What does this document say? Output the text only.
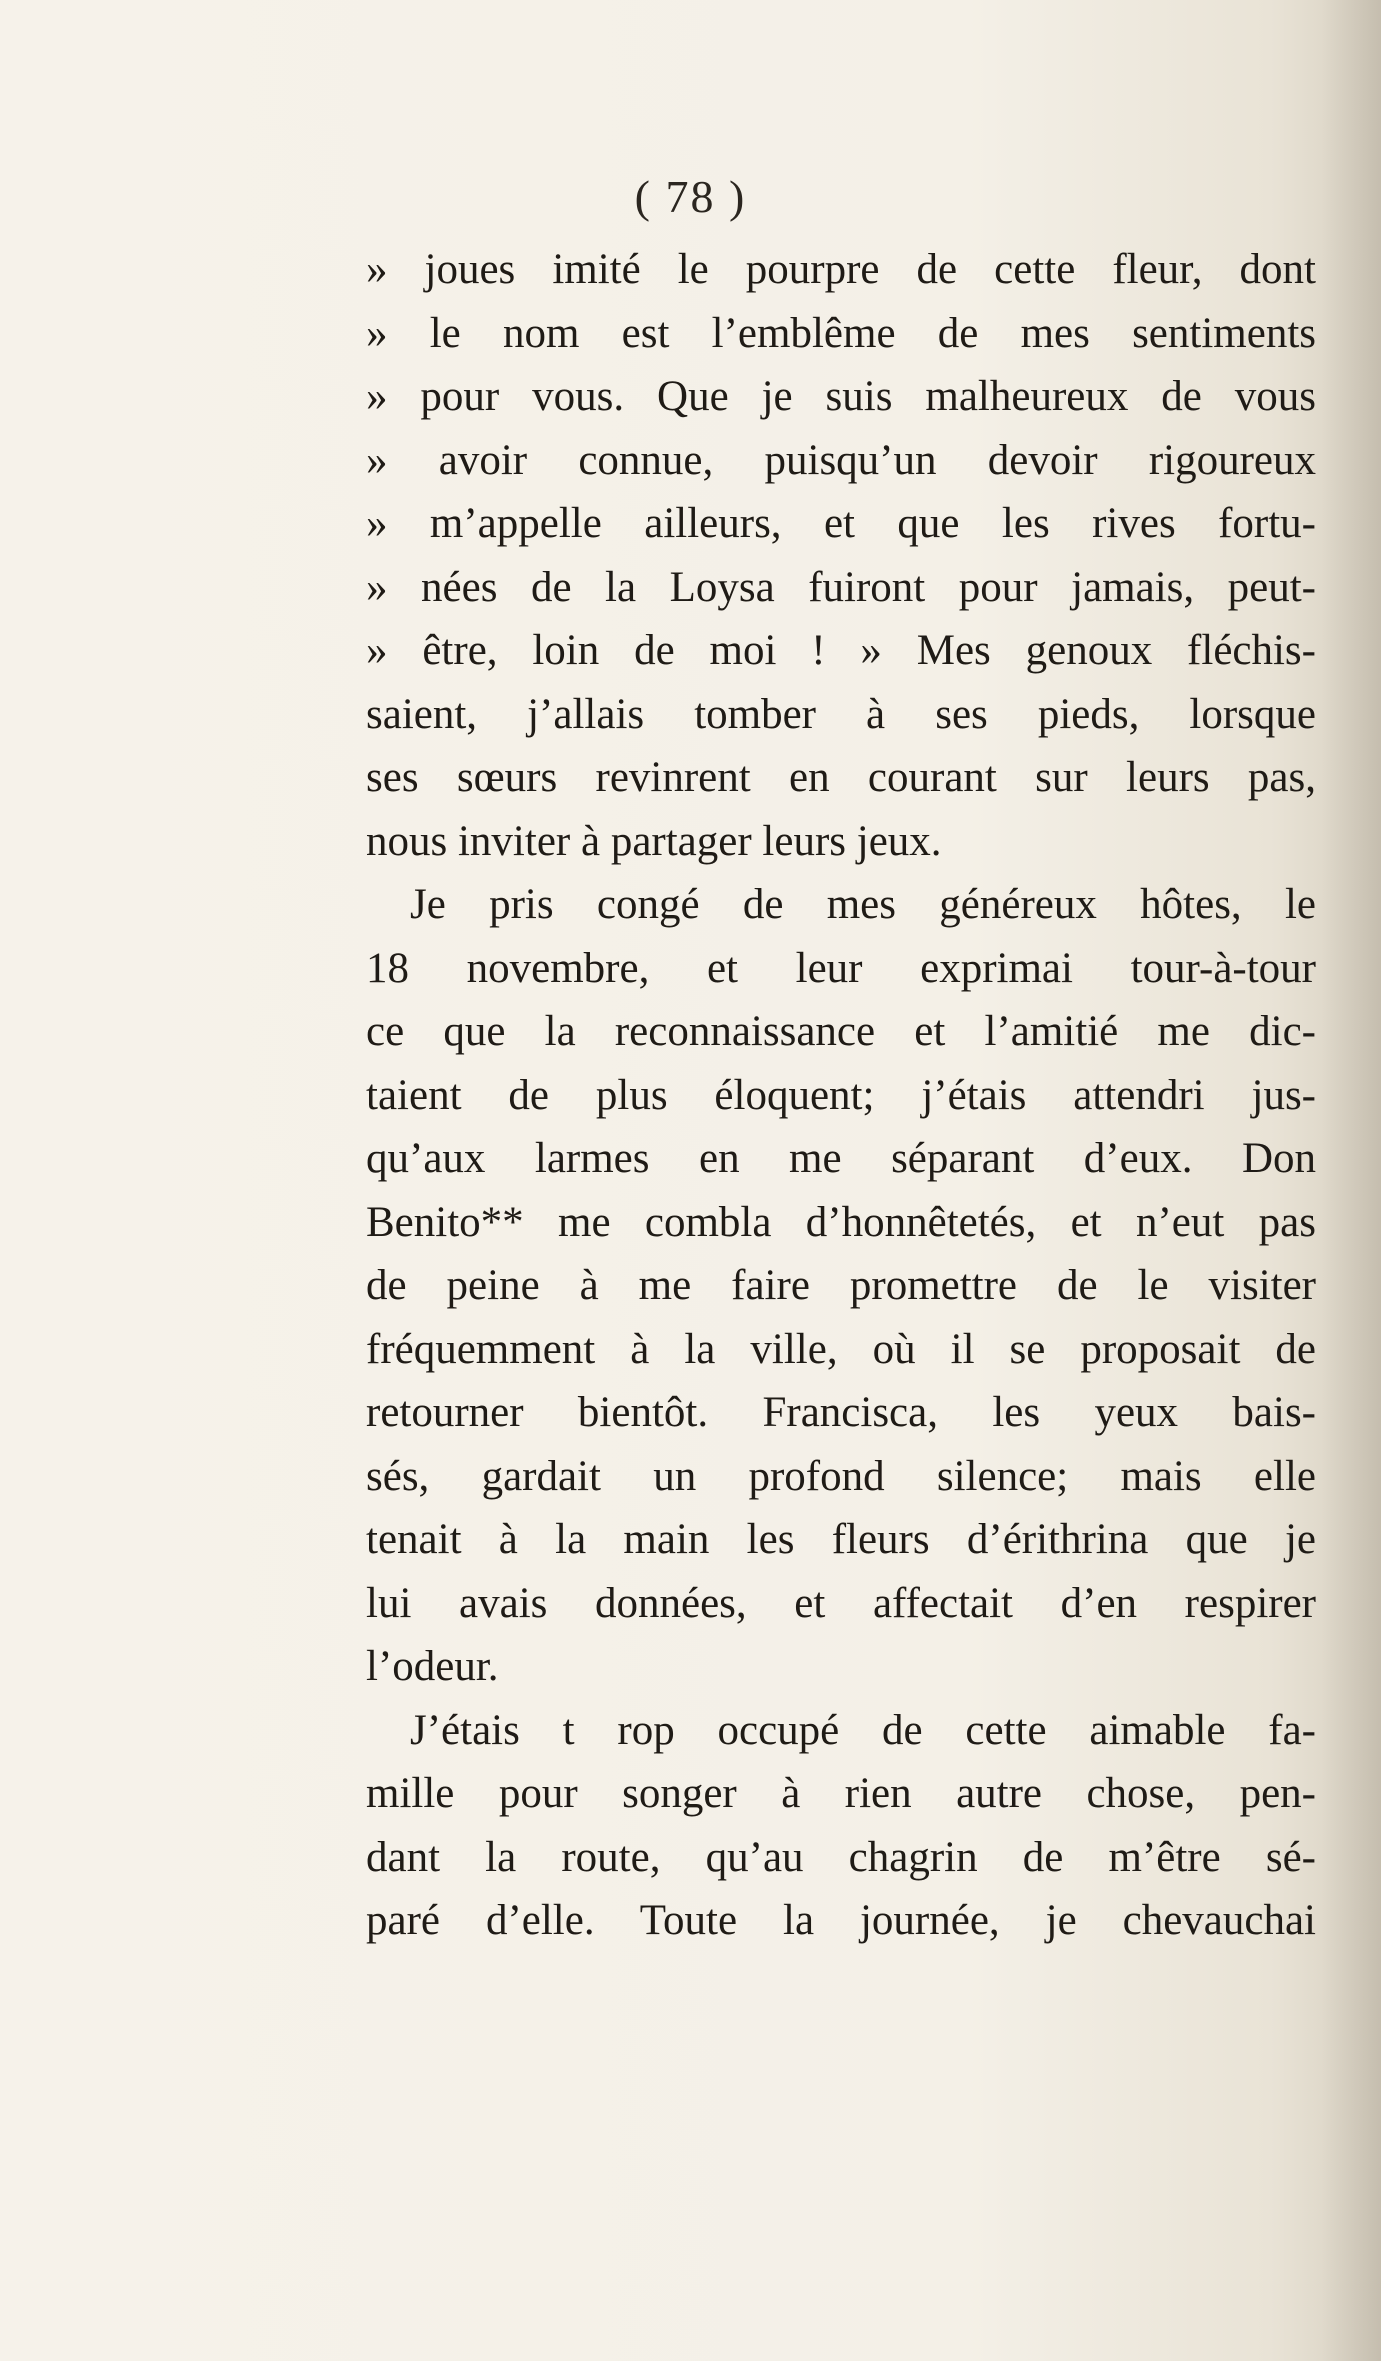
( 78 )
» joues imité le pourpre de cette fleur, dont
» le nom est l’emblême de mes sentiments
» pour vous. Que je suis malheureux de vous
» avoir connue, puisqu’un devoir rigoureux
» m’appelle ailleurs, et que les rives fortu-
» nées de la Loysa fuiront pour jamais, peut-
» être, loin de moi ! » Mes genoux fléchis-
saient, j’allais tomber à ses pieds, lorsque
ses sœurs revinrent en courant sur leurs pas,
nous inviter à partager leurs jeux.
Je pris congé de mes généreux hôtes, le
18 novembre, et leur exprimai tour-à-tour
ce que la reconnaissance et l’amitié me dic-
taient de plus éloquent; j’étais attendri jus-
qu’aux larmes en me séparant d’eux. Don
Benito** me combla d’honnêtetés, et n’eut pas
de peine à me faire promettre de le visiter
fréquemment à la ville, où il se proposait de
retourner bientôt. Francisca, les yeux bais-
sés, gardait un profond silence; mais elle
tenait à la main les fleurs d’érithrina que je
lui avais données, et affectait d’en respirer
l’odeur.
J’étais t rop occupé de cette aimable fa-
mille pour songer à rien autre chose, pen-
dant la route, qu’au chagrin de m’être sé-
paré d’elle. Toute la journée, je chevauchai
